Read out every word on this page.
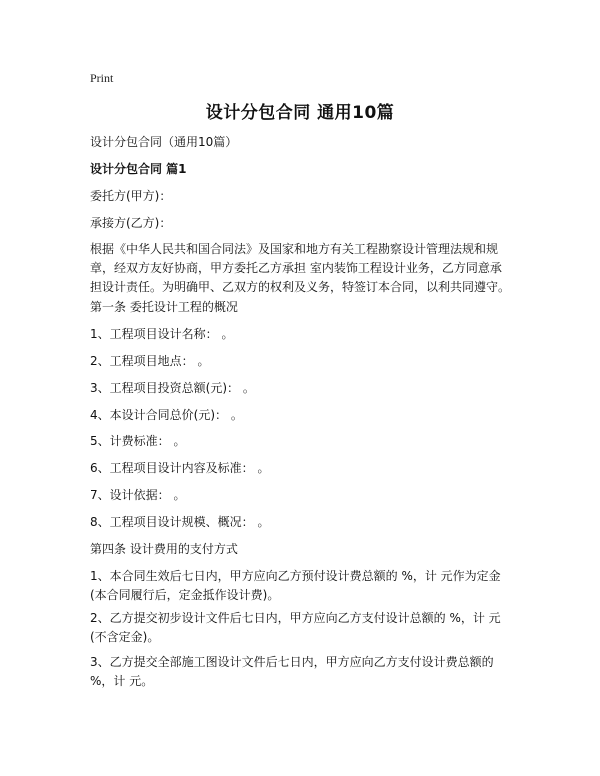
Print
设计分包合同 通用10篇

设计分包合同（通用10篇）

设计分包合同 篇1

委托方(甲方)：

承接方(乙方)：

根据《中华人民共和国合同法》及国家和地方有关工程勘察设计管理法规和规章，经双方友好协商，甲方委托乙方承担 室内装饰工程设计业务，乙方同意承担设计责任。为明确甲、乙双方的权利及义务，特签订本合同，以利共同遵守。

第一条 委托设计工程的概况

1、工程项目设计名称： 。

2、工程项目地点： 。

3、工程项目投资总额(元)： 。

4、本设计合同总价(元)： 。

5、计费标准： 。

6、工程项目设计内容及标准： 。

7、设计依据： 。

8、工程项目设计规模、概况： 。

第四条 设计费用的支付方式

1、本合同生效后七日内，甲方应向乙方预付设计费总额的 %，计 元作为定金(本合同履行后，定金抵作设计费)。

2、乙方提交初步设计文件后七日内，甲方应向乙方支付设计总额的 %，计 元(不含定金)。

3、乙方提交全部施工图设计文件后七日内，甲方应向乙方支付设计费总额的 %，计 元。
